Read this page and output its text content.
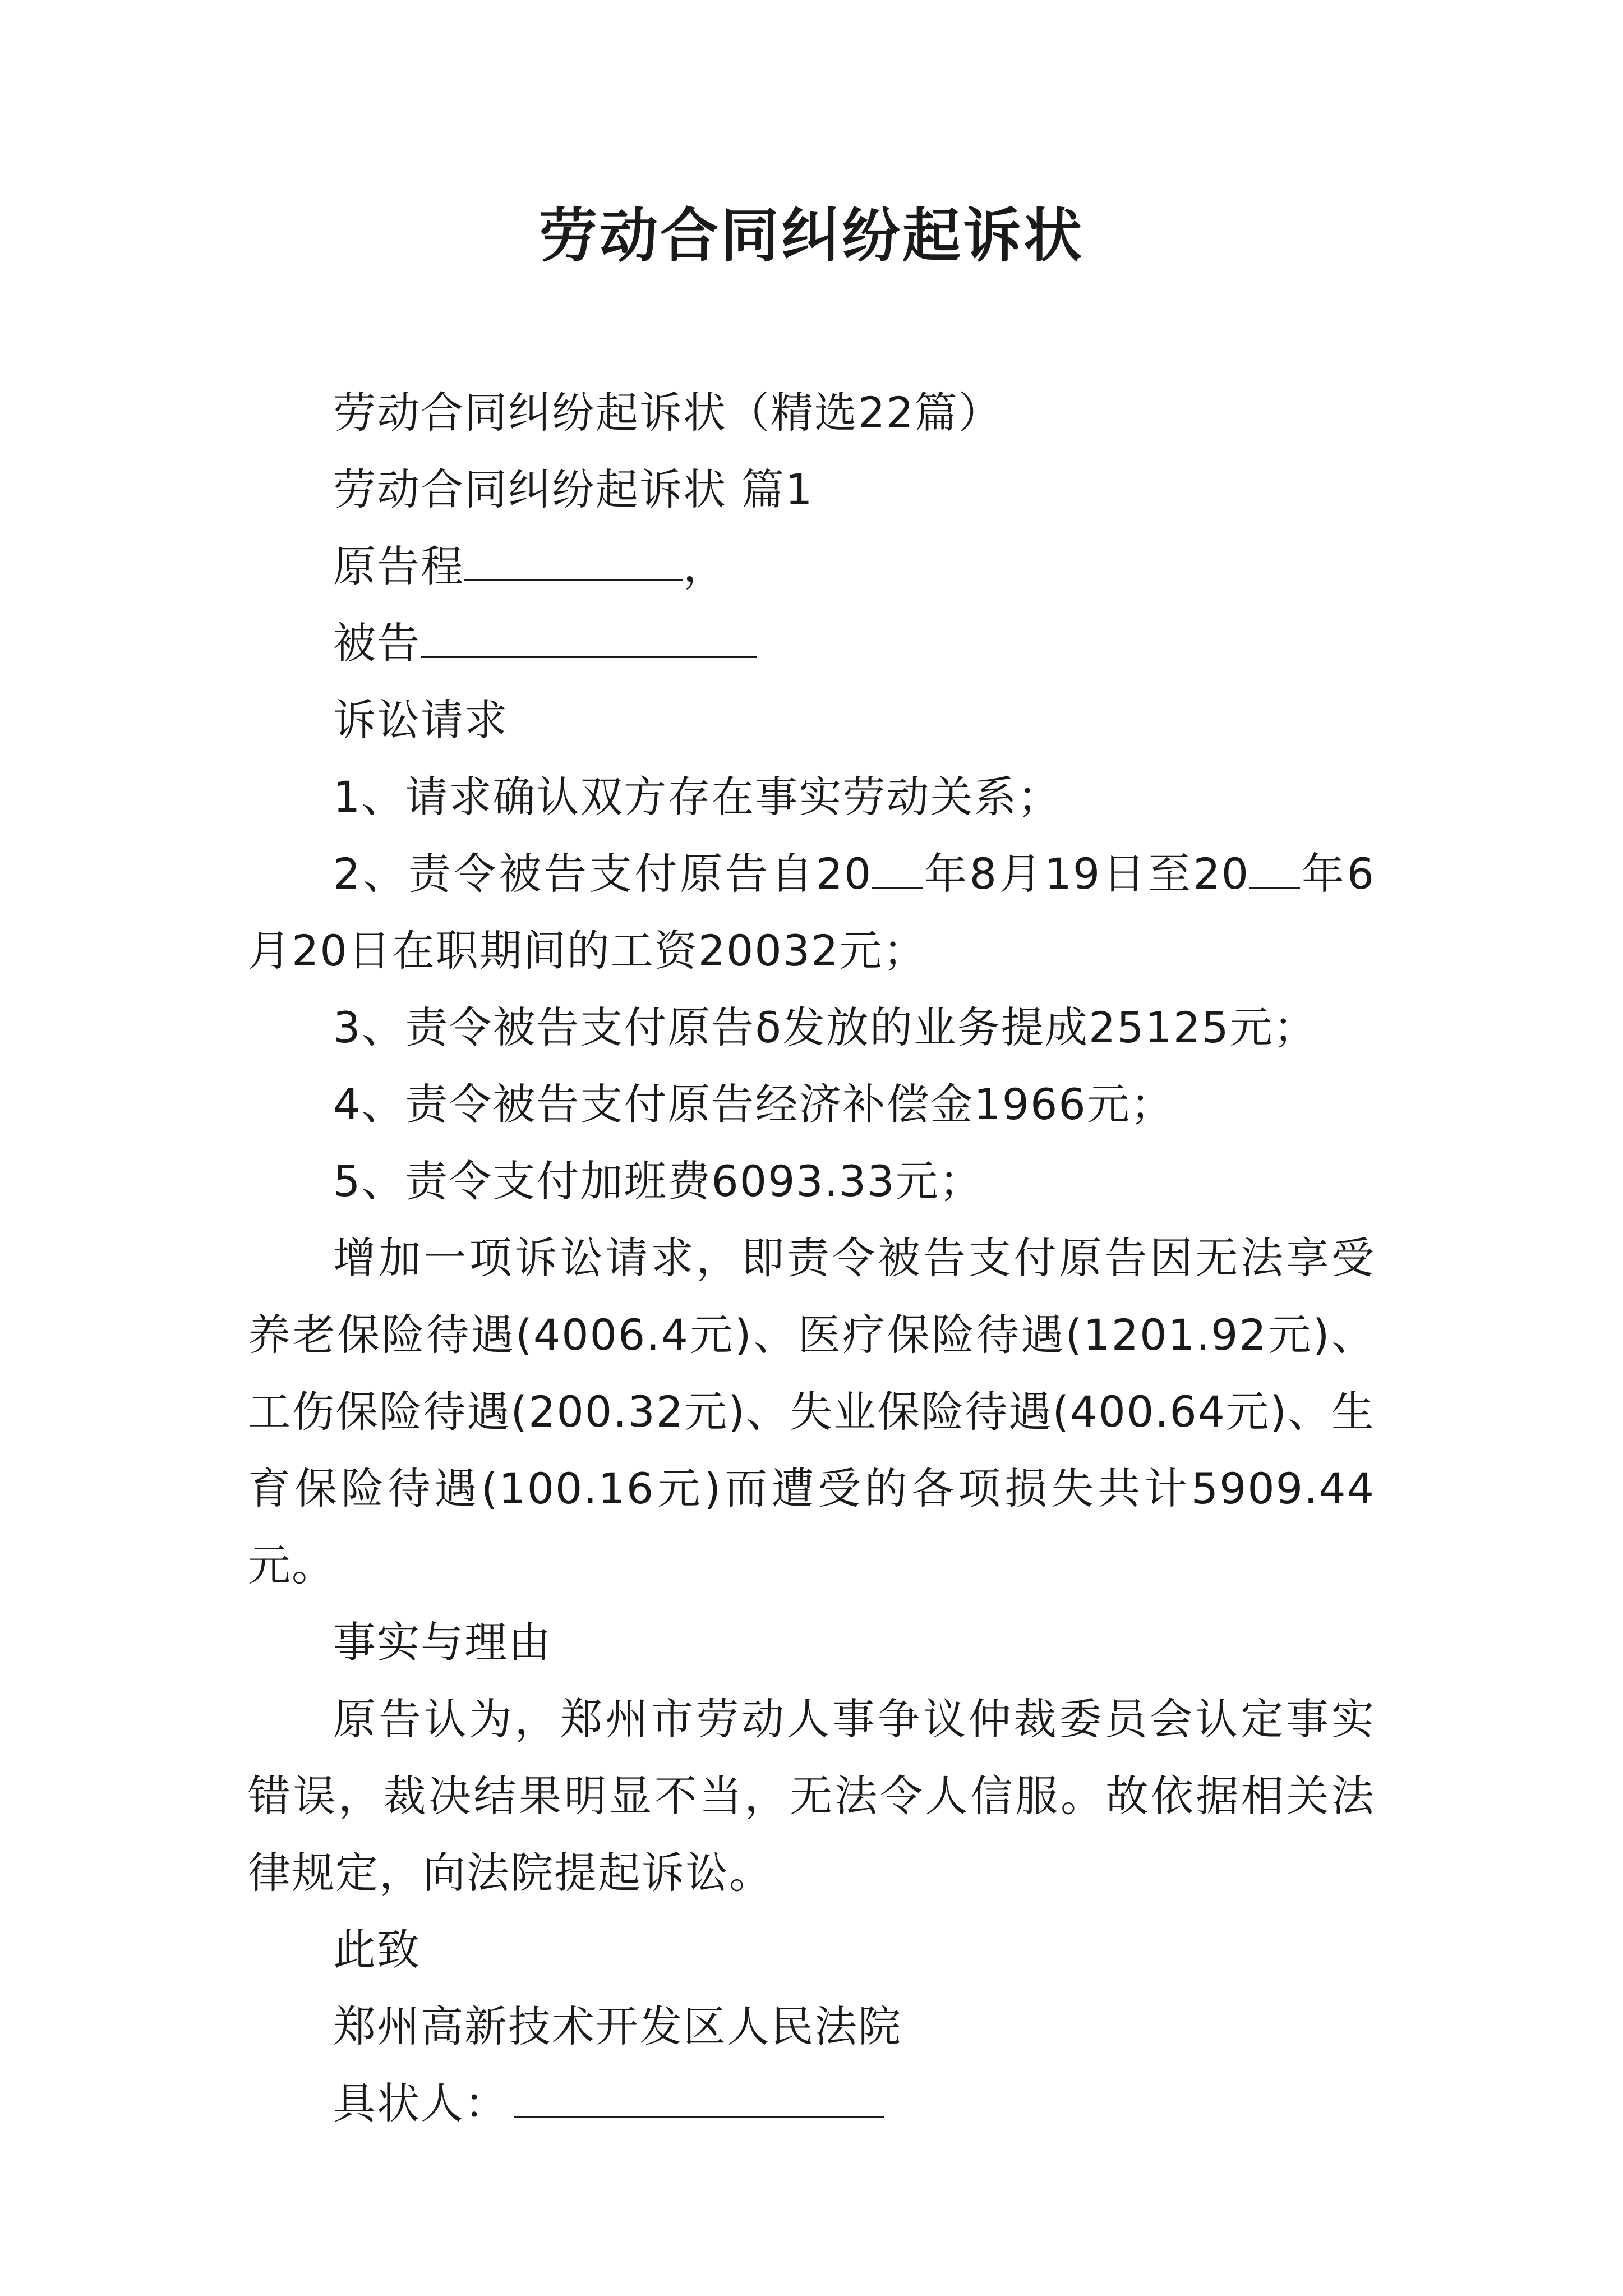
劳动合同纠纷起诉状

劳动合同纠纷起诉状（精选22篇）

劳动合同纠纷起诉状 篇1

原告程	，

被告

诉讼请求

1、请求确认双方存在事实劳动关系；

2、责令被告支付原告自20 年8月19日至20 年6月20日在职期间的工资20032元；

3、责令被告支付原告δ发放的业务提成25125元；

4、责令被告支付原告经济补偿金1966元；

5、责令支付加班费6093.33元；

增加一项诉讼请求，即责令被告支付原告因无法享受养老保险待遇(4006.4元)、医疗保险待遇(1201.92元)、工伤保险待遇(200.32元)、失业保险待遇(400.64元)、生育保险待遇(100.16元)而遭受的各项损失共计5909.44元。

事实与理由

原告认为，郑州市劳动人事争议仲裁委员会认定事实错误，裁决结果明显不当，无法令人信服。故依据相关法律规定，向法院提起诉讼。

此致

郑州高新技术开发区人民法院

具状人：
